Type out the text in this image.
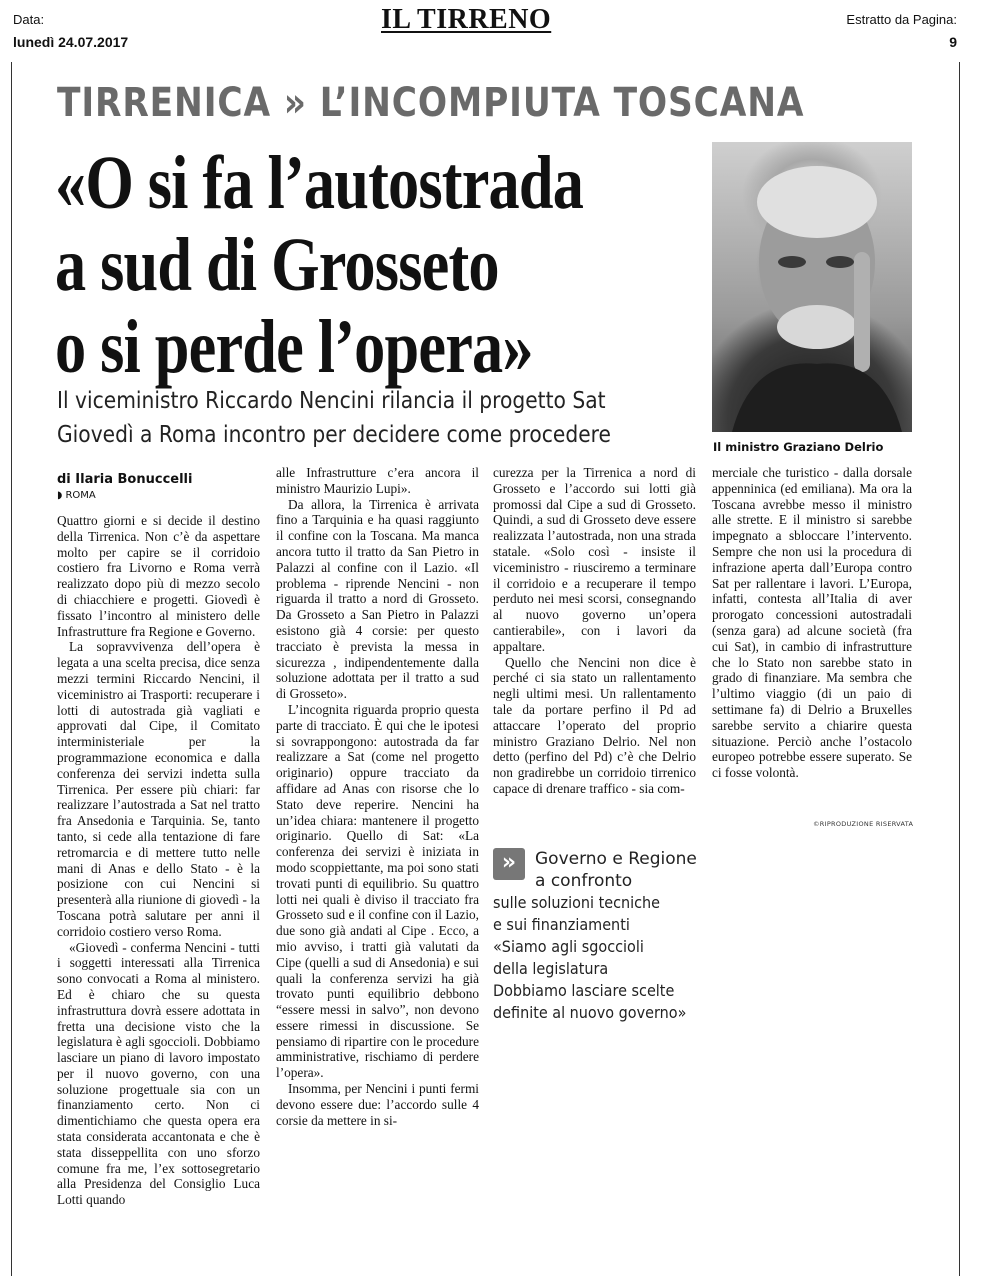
Data:
lunedì 24.07.2017
IL TIRRENO	Estratto da Pagina:
9
TIRRENICA » L’INCOMPIUTA TOSCANA
«O si fa l’autostrada
a sud di Grosseto
o si perde l’opera»
Il viceministro Riccardo Nencini rilancia il progetto Sat
Giovedì a Roma incontro per decidere come procedere	Il ministro Graziano Delrio
di Ilaria Bonuccelli
◗ ROMA

Quattro giorni e si decide il destino della Tirrenica. Non c’è da aspettare molto per capire se il corridoio costiero fra Livorno e Roma verrà realizzato dopo più di mezzo secolo di chiacchiere e progetti. Giovedì è fissato l’incontro al ministero delle Infrastrutture fra Regione e Governo.

La sopravvivenza dell’opera è legata a una scelta precisa, dice senza mezzi termini Riccardo Nencini, il viceministro ai Trasporti: recuperare i lotti di autostrada già vagliati e approvati dal Cipe, il Comitato interministeriale per la programmazione economica e dalla conferenza dei servizi indetta sulla Tirrenica. Per essere più chiari: far realizzare l’autostrada a Sat nel tratto fra Ansedonia e Tarquinia. Se, tanto tanto, si cede alla tentazione di fare retromarcia e di mettere tutto nelle mani di Anas e dello Stato - è la posizione con cui Nencini si presenterà alla riunione di giovedì - la Toscana potrà salutare per anni il corridoio costiero verso Roma.

«Giovedì - conferma Nencini - tutti i soggetti interessati alla Tirrenica sono convocati a Roma al ministero. Ed è chiaro che su questa infrastruttura dovrà essere adottata in fretta una decisione visto che la legislatura è agli sgoccioli. Dobbiamo lasciare un piano di lavoro impostato per il nuovo governo, con una soluzione progettuale sia con un finanziamento certo. Non ci dimentichiamo che questa opera era stata considerata accantonata e che è stata disseppellita con uno sforzo comune fra me, l’ex sottosegretario alla Presidenza del Consiglio Luca Lotti quando

alle Infrastrutture c’era ancora il ministro Maurizio Lupi».

Da allora, la Tirrenica è arrivata fino a Tarquinia e ha quasi raggiunto il confine con la Toscana. Ma manca ancora tutto il tratto da San Pietro in Palazzi al confine con il Lazio. «Il problema - riprende Nencini - non riguarda il tratto a nord di Grosseto. Da Grosseto a San Pietro in Palazzi esistono già 4 corsie: per questo tracciato è prevista la messa in sicurezza , indipendentemente dalla soluzione adottata per il tratto a sud di Grosseto».

L’incognita riguarda proprio questa parte di tracciato. È qui che le ipotesi si sovrappongono: autostrada da far realizzare a Sat (come nel progetto originario) oppure tracciato da affidare ad Anas con risorse che lo Stato deve reperire. Nencini ha un’idea chiara: mantenere il progetto originario. Quello di Sat: «La conferenza dei servizi è iniziata in modo scoppiettante, ma poi sono stati trovati punti di equilibrio. Su quattro lotti nei quali è diviso il tracciato fra Grosseto sud e il confine con il Lazio, due sono già andati al Cipe . Ecco, a mio avviso, i tratti già valutati da Cipe (quelli a sud di Ansedonia) e sui quali la conferenza servizi ha già trovato punti equilibrio debbono “essere messi in salvo”, non devono essere rimessi in discussione. Se pensiamo di ripartire con le procedure amministrative, rischiamo di perdere l’opera».

Insomma, per Nencini i punti fermi devono essere due: l’accordo sulle 4 corsie da mettere in si-

curezza per la Tirrenica a nord di Grosseto e l’accordo sui lotti già promossi dal Cipe a sud di Grosseto. Quindi, a sud di Grosseto deve essere realizzata l’autostrada, non una strada statale. «Solo così - insiste il viceministro - riusciremo a terminare il corridoio e a recuperare il tempo perduto nei mesi scorsi, consegnando al nuovo governo un’opera cantierabile», con i lavori da appaltare.

Quello che Nencini non dice è perché ci sia stato un rallentamento negli ultimi mesi. Un rallentamento tale da portare perfino il Pd ad attaccare l’operato del proprio ministro Graziano Delrio. Nel non detto (perfino del Pd) c’è che Delrio non gradirebbe un corridoio tirrenico capace di drenare traffico - sia com-

»	Governo e Regione
a confronto
sulle soluzioni tecniche
e sui finanziamenti
«Siamo agli sgoccioli
della legislatura
Dobbiamo lasciare scelte
definite al nuovo governo»

merciale che turistico - dalla dorsale appenninica (ed emiliana). Ma ora la Toscana avrebbe messo il ministro alle strette. E il ministro si sarebbe impegnato a sbloccare l’intervento. Sempre che non usi la procedura di infrazione aperta dall’Europa contro Sat per rallentare i lavori. L’Europa, infatti, contesta all’Italia di aver prorogato concessioni autostradali (senza gara) ad alcune società (fra cui Sat), in cambio di infrastrutture che lo Stato non sarebbe stato in grado di finanziare. Ma sembra che l’ultimo viaggio (di un paio di settimane fa) di Delrio a Bruxelles sarebbe servito a chiarire questa situazione. Perciò anche l’ostacolo europeo potrebbe essere superato. Se ci fosse volontà.

©RIPRODUZIONE RISERVATA
